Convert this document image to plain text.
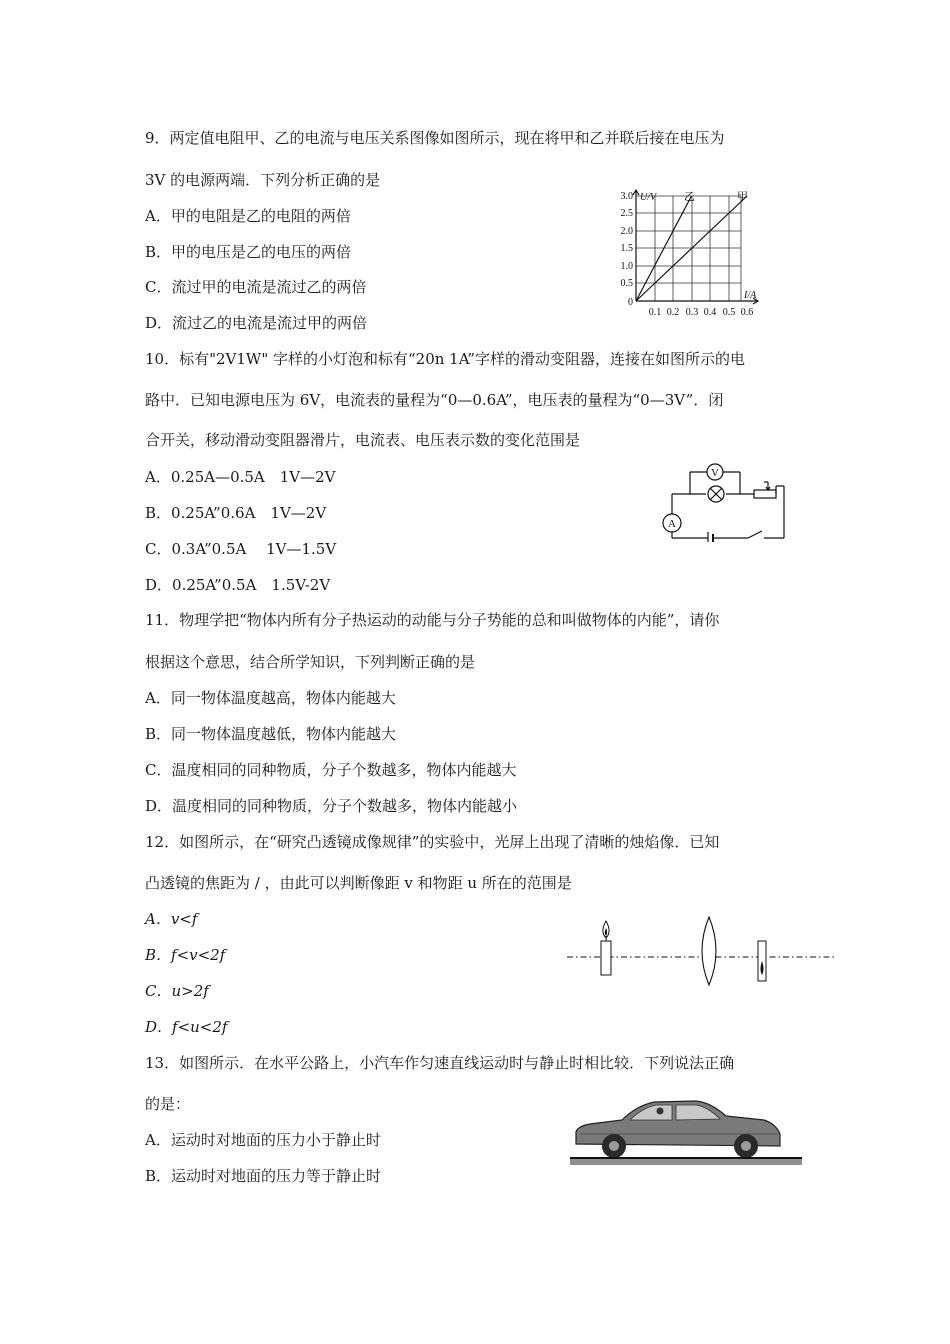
9．两定值电阻甲、乙的电流与电压关系图像如图所示，现在将甲和乙并联后接在电压为
3V 的电源两端．下列分析正确的是
A．甲的电阻是乙的电阻的两倍
B．甲的电压是乙的电压的两倍
C．流过甲的电流是流过乙的两倍
D．流过乙的电流是流过甲的两倍
3.0
2.5
2.0
1.5
1.0
0.5
0
0.1 0.2 0.3 0.4 0.5 0.6
U/V
I/A
乙	甲
10．标有"2V1W" 字样的小灯泡和标有“20n 1A”字样的滑动变阻器，连接在如图所示的电
路中．已知电源电压为 6V，电流表的量程为“0—0.6A”，电压表的量程为“0—3V”．闭
合开关，移动滑动变阻器滑片，电流表、电压表示数的变化范围是
A．0.25A—0.5A　1V—2V
B．0.25A”0.6A　1V—2V
C．0.3A”0.5A　 1V—1.5V
D．0.25A”0.5A　1.5V-2V
V
A
11．物理学把“物体内所有分子热运动的动能与分子势能的总和叫做物体的内能”，请你
根据这个意思，结合所学知识，下列判断正确的是
A．同一物体温度越高，物体内能越大
B．同一物体温度越低，物体内能越大
C．温度相同的同种物质，分子个数越多，物体内能越大
D．温度相同的同种物质，分子个数越多，物体内能越小
12．如图所示，在“研究凸透镜成像规律”的实验中，光屏上出现了清晰的烛焰像．已知
凸透镜的焦距为 / ，由此可以判断像距 v 和物距 u 所在的范围是
A．v<f
B．f<v<2f
C．u>2f
D．f<u<2f
13．如图所示．在水平公路上，小汽车作匀速直线运动时与静止时相比较．下列说法正确
的是：
A．运动时对地面的压力小于静止时
B．运动时对地面的压力等于静止时
